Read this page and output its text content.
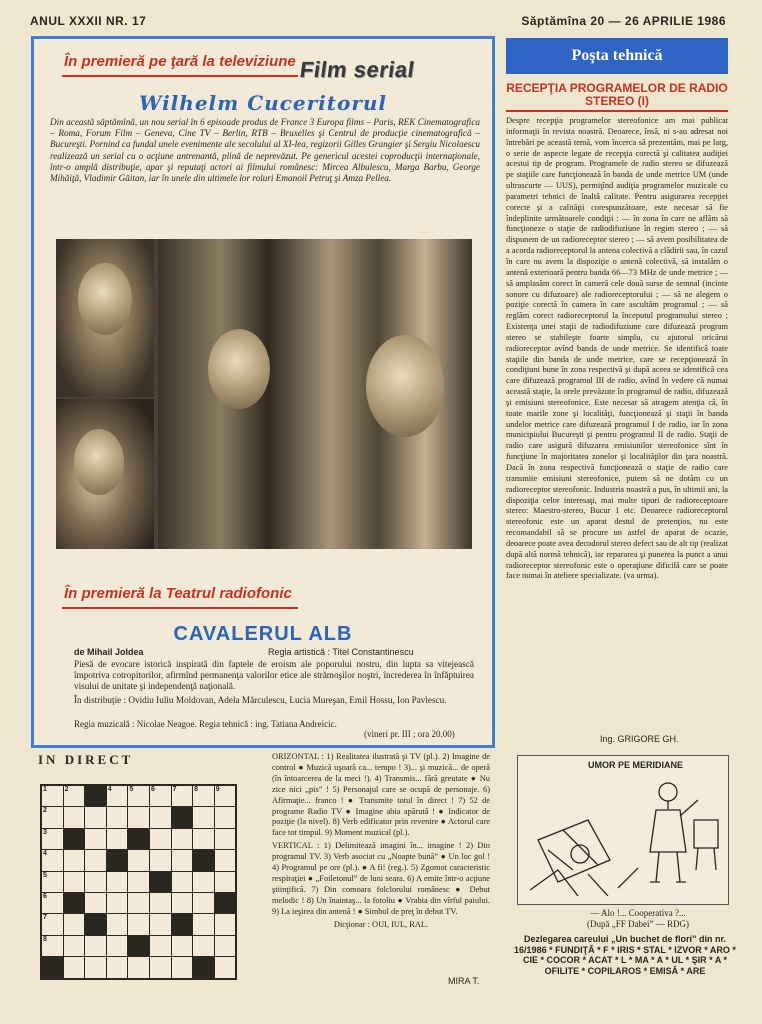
ANUL XXXII NR. 17	Săptămîna 20 — 26 APRILIE 1986
În premieră pe ţară la televiziune Film serial
Wilhelm Cuceritorul
Din această săptămînă, un nou serial în 6 episoade produs de France 3 Europa films – Paris, REK Cinematografica – Roma, Forum Film – Geneva, Cine TV – Berlin, RTB – Bruxelles şi Centrul de producţie cinematografică – Bucureşti. Pornind ca fundal unele evenimente ale secolului al XI-lea, regizorii Gilles Grangier şi Sergiu Nicolaescu realizează un serial cu o acţiune antrenantă, plină de neprevăzut. Pe genericul acestei coproducţii internaţionale, într-o amplă distribuţie, apar şi reputaţi actori ai filmului românesc: Mircea Albulescu, Marga Barbu, George Mihăiţă, Vladimir Găitan, iar în unele din ultimele lor roluri Emanoil Petruţ şi Amza Pellea.
În premieră la Teatrul radiofonic
CAVALERUL ALB
de Mihail Joldea	Regia artistică : Titel Constantinescu
Piesă de evocare istorică inspirată din faptele de eroism ale poporului nostru, din lupta sa vitejească împotriva cotropitorilor, afirmînd permanenţa valorilor etice ale strămoşilor noştri, încrederea în înfăptuirea visului de unitate şi independenţă naţională.
În distribuţie : Ovidiu Iuliu Moldovan, Adela Mărculescu, Lucia Mureşan, Emil Hossu, Ion Pavlescu.
Regia muzicală : Nicolae Neagoe. Regia tehnică : ing. Tatiana Andreicic.
(vineri pr. III ; ora 20.00)
Poşta tehnică
RECEPŢIA PROGRAMELOR DE RADIO STEREO (I)
Despre recepţia programelor stereofonice am mai publicat informaţii în revista noastră. Deoarece, însă, ni s-au adresat noi întrebări pe această temă, vom încerca să prezentăm, mai pe larg, o serie de aspecte legate de recepţia corectă şi calitatea audiţiei acestui tip de program. Programele de radio stereo se difuzează pe staţiile care funcţionează în banda de unde metrice UM (unde ultrascurte — UUS), permiţînd audiţia programelor muzicale cu parametri tehnici de înaltă calitate. Pentru asigurarea recepţiei corecte şi a calităţii corespunzătoare, este necesar să fie îndeplinite următoarele condiţii : — în zona în care ne aflăm să funcţioneze o staţie de radiodifuziune în regim stereo ; — să dispunem de un radioreceptor stereo ; — să avem posibilitatea de a acorda radioreceptorul la antena colectivă a clădirii sau, în cazul în care nu avem la dispoziţie o antenă colectivă, să instalăm o antenă exterioară pentru banda 66—73 MHz de unde metrice ; — să amplasăm corect în cameră cele două surse de semnal (incinte sonore cu difuzoare) ale radioreceptorului ; — să ne alegem o poziţie corectă în camera în care ascultăm programul ; — să reglăm corect radioreceptorul la începutul programului stereo ; Existenţa unei staţii de radiodifuziune care difuzează program stereo se stabileşte foarte simplu, cu ajutorul oricărui radioreceptor avînd banda de unde metrice. Se identifică toate staţiile din banda de unde metrice, care se recepţionează în condiţiuni bune în zona respectivă şi după aceea se identifică cea care difuzează programul III de radio, avînd în vedere că numai această staţie, la orele prevăzute în programul de radio, difuzează şi emisiuni stereofonice. Este necesar să atragem atenţia că, în toate marile zone şi localităţi, funcţionează şi staţii în banda undelor metrice care difuzează programul I de radio, iar în zona municipiului Bucureşti şi pentru programul II de radio. Staţii de radio care asigură difuzarea emisiunilor stereofonice sînt în funcţiune în majoritatea zonelor şi localităţilor din ţara noastră. Dacă în zona respectivă funcţionează o staţie de radio care transmite emisiuni stereofonice, putem să ne dotăm cu un radioreceptor stereofonic. Industria noastră a pus, în ultimii ani, la dispoziţia celor interesaţi, mai multe tipuri de radioreceptoare stereo: Maestro-stereo, Bucur 1 etc. Deoarece radioreceptorul stereofonic este un aparat destul de pretenţios, nu este recomandabil să se procure un astfel de aparat de ocazie, deoarece poate avea decodorul stereo defect sau de alt tip (realizat după altă normă tehnică), iar repararea şi punerea la punct a unui radioreceptor stereofonic este o operaţiune dificilă care se poate face numai în ateliere specializate. (va urma).
Ing. GRIGORE GH.
UMOR PE MERIDIANE
— Alo !... Cooperativa ?...
(După „FF Dabei” — RDG)
Dezlegarea careului „Un buchet de flori” din nr. 16/1986 * FUNDIŢĂ * F * IRIS * STAL * IZVOR * ARO * CIE * COCOR * ACAT * L * MA * A * UL * ŞIR * A * OFILITE * COPILAROS * EMISĂ * ARE
IN DIRECT
1	2	4	5	6	7	8	9
2
3
4
5
6
7
8

ORIZONTAL : 1) Realitatea ilustrată şi TV (pl.). 2) Imagine de control ● Muzică uşoară ca... tempo ! 3)... şi muzică... de operă (în întoarcerea de la meci !). 4) Transmis... fără greutate ● Nu zice nici „pis” ! 5) Personajul care se ocupă de personaje. 6) Afirmaţie... franco ! ● Transmite totul în direct ! 7) 52 de programe Radio TV ● Imagine abia apărută ! ● Indicator de poziţie (la nivel). 8) Verb edificator prin revenire ● Actorul care face tot timpul. 9) Moment muzical (pl.).

VERTICAL : 1) Delimitează imagini în... imagine ! 2) Din programul TV. 3) Verb asociat cu „Noapte bună” ● Un loc gol ! 4) Programul pe ore (pl.). ● A fi! (reg.). 5) Zgomot caracteristic respiraţiei ● „Foiletonul” de luni seara. 6) A emite într-o acţiune ştiinţifică. 7) Din comoara folclorului românesc ● Debut melodic ! 8) Un înaintaş... la fotoliu ● Vrabia din vîrful paiului. 9) La ieşirea din antenă ! ● Simbol de preţ în debut TV.

Dicţionar : OUI, IUL, RAL.

MIRA T.
